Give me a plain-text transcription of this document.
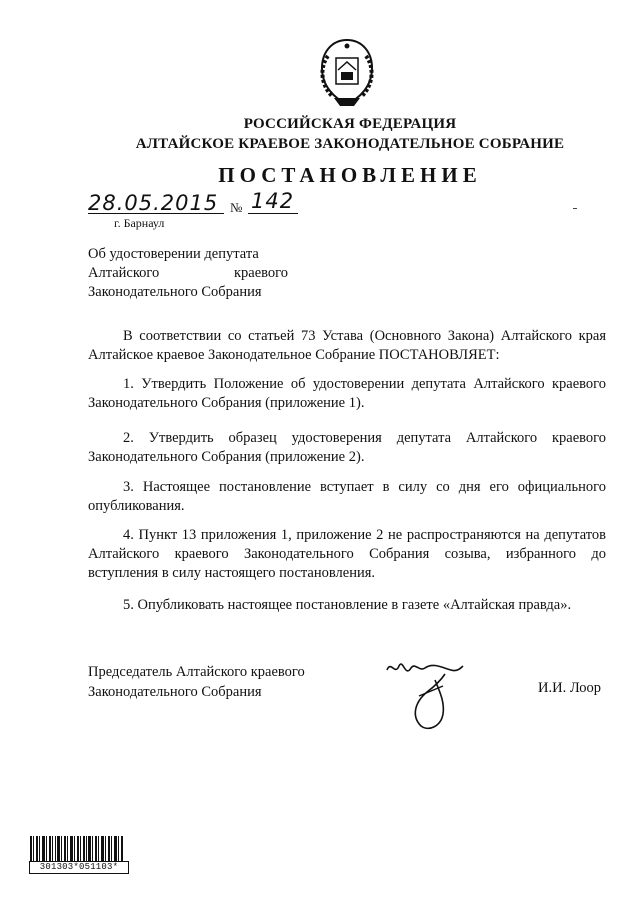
РОССИЙСКАЯ ФЕДЕРАЦИЯ
АЛТАЙСКОЕ КРАЕВОЕ ЗАКОНОДАТЕЛЬНОЕ СОБРАНИЕ
ПОСТАНОВЛЕНИЕ
28.05.2015 № 142
г. Барнаул
Об удостоверении депутата
Алтайского	краевого
Законодательного Собрания

В соответствии со статьей 73 Устава (Основного Закона) Алтайского края Алтайское краевое Законодательное Собрание ПОСТАНОВЛЯЕТ:

1. Утвердить Положение об удостоверении депутата Алтайского краевого Законодательного Собрания (приложение 1).

2. Утвердить образец удостоверения депутата Алтайского краевого Законодательного Собрания (приложение 2).

3. Настоящее постановление вступает в силу со дня его официального опубликования.

4. Пункт 13 приложения 1, приложение 2 не распространяются на депутатов Алтайского краевого Законодательного Собрания созыва, избранного до вступления в силу настоящего постановления.

5. Опубликовать настоящее постановление в газете «Алтайская правда».

Председатель Алтайского краевого
Законодательного Собрания	И.И. Лоор
301303*051103*
